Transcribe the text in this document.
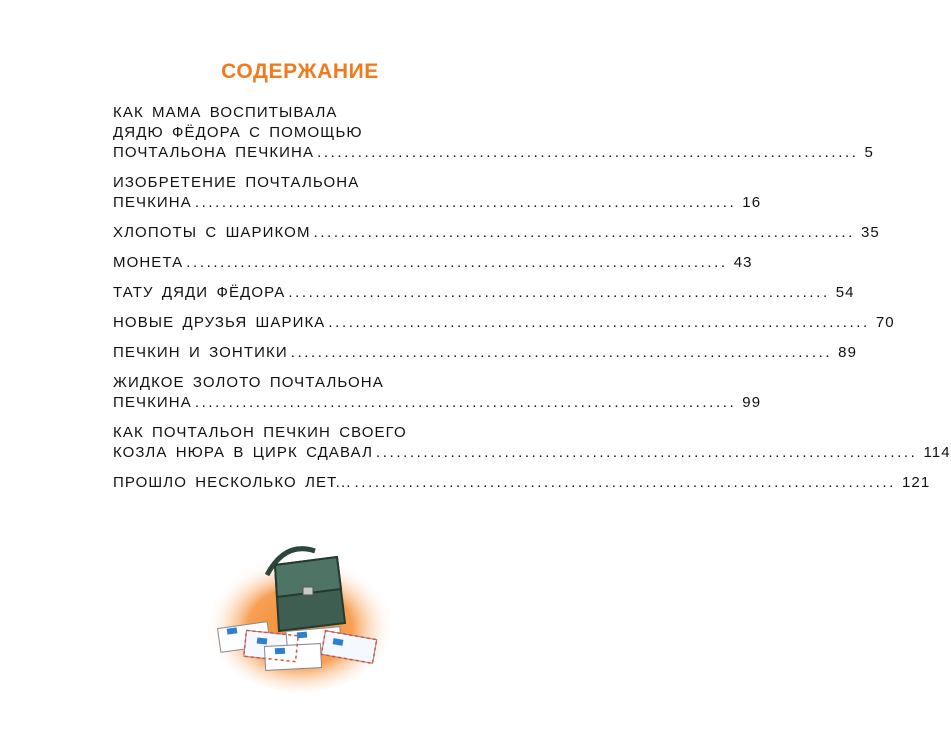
СОДЕРЖАНИЕ
КАК МАМА ВОСПИТЫВАЛА
ДЯДЮ ФЁДОРА С ПОМОЩЬЮ
ПОЧТАЛЬОНА ПЕЧКИНА ................................................................................ 5
ИЗОБРЕТЕНИЕ ПОЧТАЛЬОНА
ПЕЧКИНА ................................................................................ 16
ХЛОПОТЫ С ШАРИКОМ ................................................................................ 35
МОНЕТА ................................................................................ 43
ТАТУ ДЯДИ ФЁДОРА ................................................................................ 54
НОВЫЕ ДРУЗЬЯ ШАРИКА ................................................................................ 70
ПЕЧКИН И ЗОНТИКИ ................................................................................ 89
ЖИДКОЕ ЗОЛОТО ПОЧТАЛЬОНА
ПЕЧКИНА ................................................................................ 99
КАК ПОЧТАЛЬОН ПЕЧКИН СВОЕГО
КОЗЛА НЮРА В ЦИРК СДАВАЛ ................................................................................ 114
ПРОШЛО НЕСКОЛЬКО ЛЕТ... ................................................................................ 121
